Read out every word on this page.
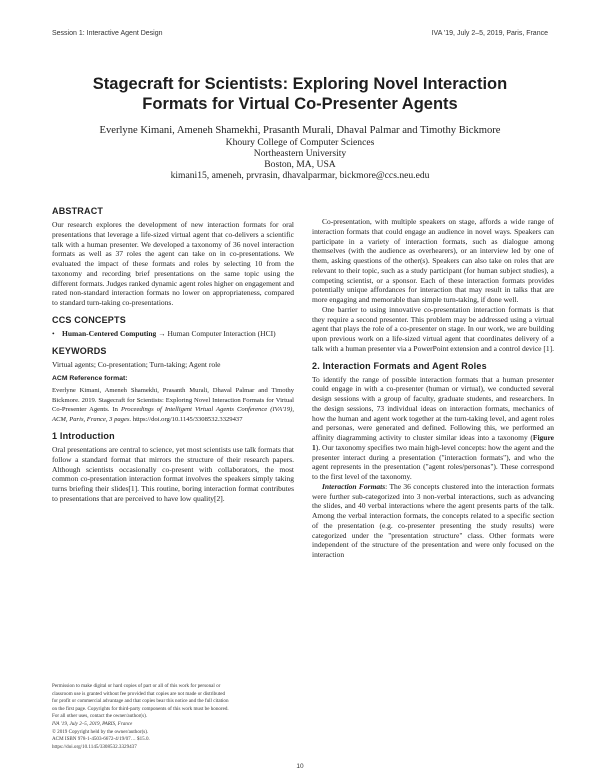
Session 1: Interactive Agent Design	IVA '19, July 2–5, 2019, Paris, France
Stagecraft for Scientists: Exploring Novel Interaction Formats for Virtual Co-Presenter Agents
Everlyne Kimani, Ameneh Shamekhi, Prasanth Murali, Dhaval Palmar and Timothy Bickmore
Khoury College of Computer Sciences
Northeastern University
Boston, MA, USA
kimani15, ameneh, prvrasin, dhavalparmar, bickmore@ccs.neu.edu
ABSTRACT

Our research explores the development of new interaction formats for oral presentations that leverage a life-sized virtual agent that co-delivers a scientific talk with a human presenter. We developed a taxonomy of 36 novel interaction formats as well as 37 roles the agent can take on in co-presentations. We evaluated the impact of these formats and roles by selecting 10 from the taxonomy and recording brief presentations on the same topic using the different formats. Judges ranked dynamic agent roles higher on engagement and rated non-standard interaction formats no lower on appropriateness, compared to standard turn-taking co-presentations.

CCS CONCEPTS
• Human-Centered Computing → Human Computer Interaction (HCI)
KEYWORDS

Virtual agents; Co-presentation; Turn-taking; Agent role

ACM Reference format:

Everlyne Kimani, Ameneh Shamekhi, Prasanth Murali, Dhaval Palmar and Timothy Bickmore. 2019. Stagecraft for Scientists: Exploring Novel Interaction Formats for Virtual Co-Presenter Agents. In Proceedings of Intelligent Virtual Agents Conference (IVA'19), ACM, Paris, France, 3 pages. https://doi.org/10.1145/3308532.3329437

1 Introduction

Oral presentations are central to science, yet most scientists use talk formats that follow a standard format that mirrors the structure of their research papers. Although scientists occasionally co-present with collaborators, the most common co-presentation interaction format involves the speakers simply taking turns briefing their slides[1]. This routine, boring interaction format contributes to presentations that are perceived to have low quality[2].

Permission to make digital or hard copies of part or all of this work for personal or
classroom use is granted without fee provided that copies are not made or distributed
for profit or commercial advantage and that copies bear this notice and the full citation
on the first page. Copyrights for third-party components of this work must be honored.
For all other uses, contact the owner/author(s).
IVA '19, July 2–5, 2019, PARIS, France
© 2019 Copyright held by the owner/author(s).
ACM ISBN 978-1-4503-6672-4/19/07… $15.0.
https://doi.org/10.1145/3308532.3329437

Co-presentation, with multiple speakers on stage, affords a wide range of interaction formats that could engage an audience in novel ways. Speakers can participate in a variety of interaction formats, such as dialogue among themselves (with the audience as overhearers), or an interview led by one of them, asking questions of the other(s). Speakers can also take on roles that are relevant to their topic, such as a study participant (for human subject studies), a competing scientist, or a sponsor. Each of these interaction formats provides potentially unique affordances for interaction that may result in talks that are more engaging and memorable than simple turn-taking, if done well.

One barrier to using innovative co-presentation interaction formats is that they require a second presenter. This problem may be addressed using a virtual agent that plays the role of a co-presenter on stage. In our work, we are building upon previous work on a life-sized virtual agent that coordinates delivery of a talk with a human presenter via a PowerPoint extension and a control device [1].

2. Interaction Formats and Agent Roles

To identify the range of possible interaction formats that a human presenter could engage in with a co-presenter (human or virtual), we conducted several design sessions with a group of faculty, graduate students, and researchers. In the design sessions, 73 individual ideas on interaction formats, mechanics of how the human and agent work together at the turn-taking level, and agent roles and personas, were generated and defined. Following this, we performed an affinity diagramming activity to cluster similar ideas into a taxonomy (Figure 1). Our taxonomy specifies two main high-level concepts: how the agent and the presenter interact during a presentation ("interaction formats"), and who the agent represents in the presentation ("agent roles/personas"). These correspond to the first level of the taxonomy.

Interaction Formats: The 36 concepts clustered into the interaction formats were further sub-categorized into 3 non-verbal interactions, such as advancing the slides, and 40 verbal interactions where the agent presents parts of the talk. Among the verbal interaction formats, the concepts related to a specific section of the presentation (e.g. co-presenter presenting the study results) were categorized under the "presentation structure" class. Other formats were independent of the structure of the presentation and were only focused on the interaction

10
